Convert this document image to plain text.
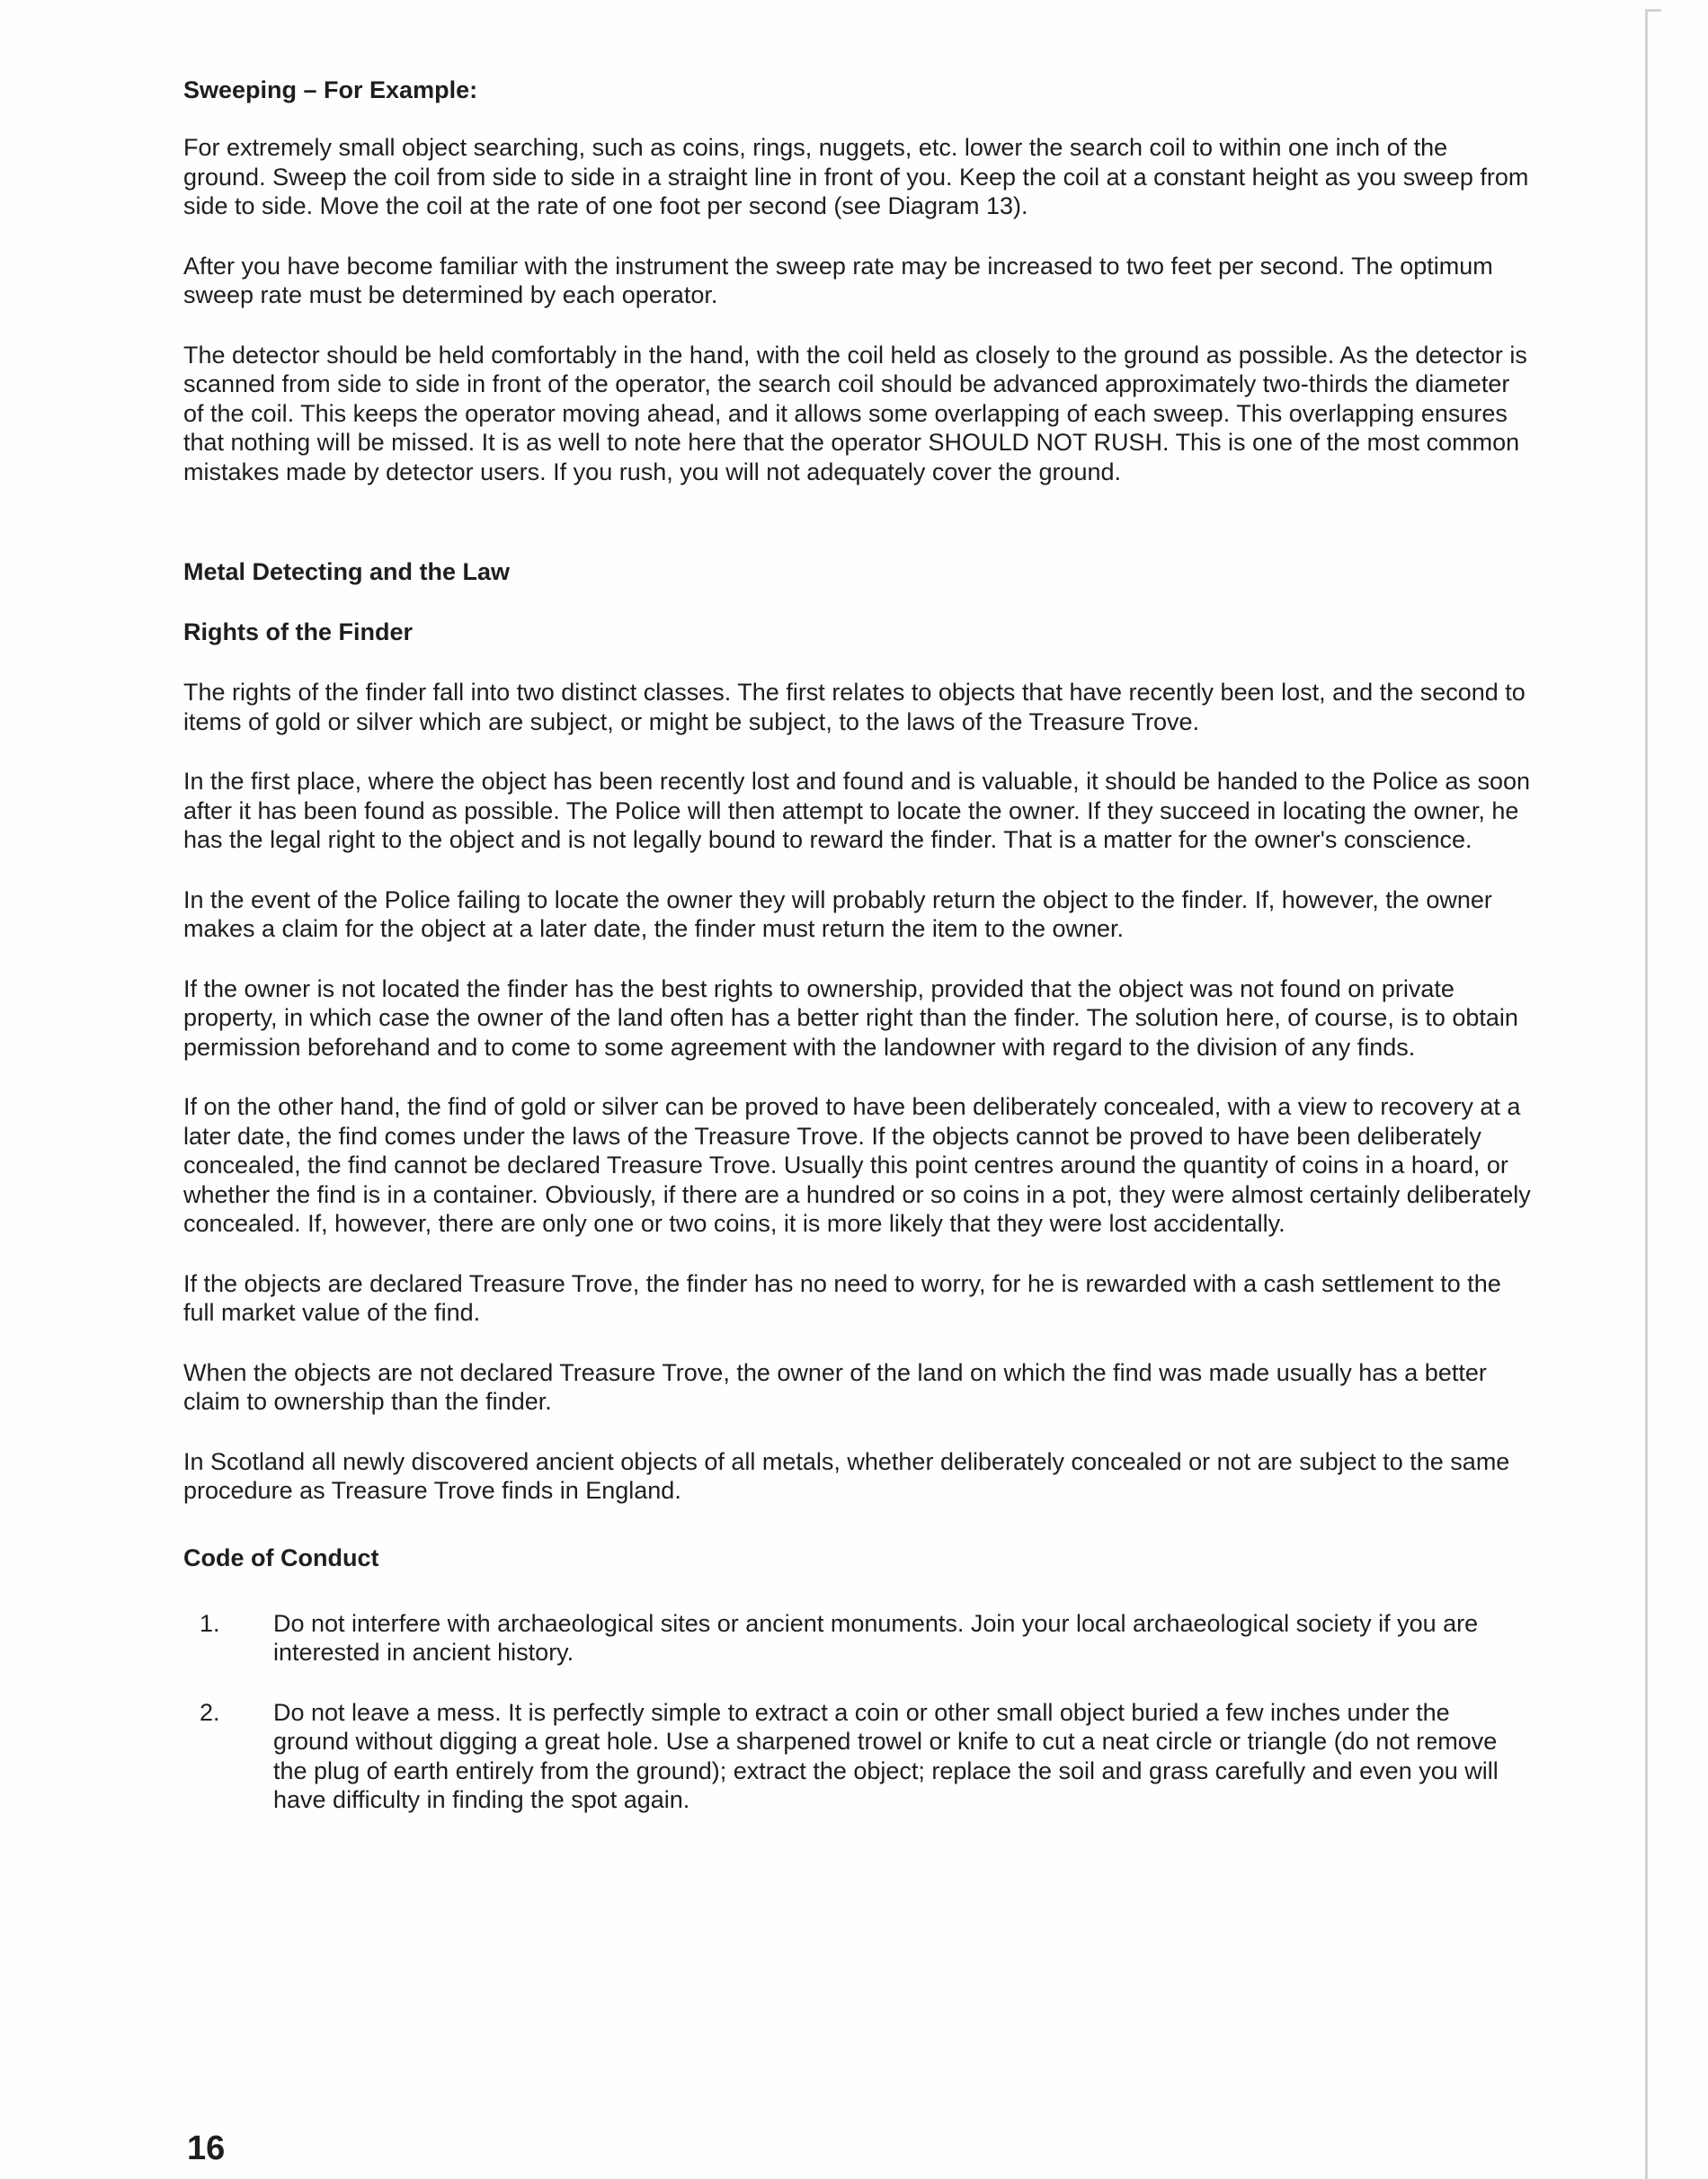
Sweeping – For Example:

For extremely small object searching, such as coins, rings, nuggets, etc. lower the search coil to within one inch of the ground. Sweep the coil from side to side in a straight line in front of you. Keep the coil at a constant height as you sweep from side to side. Move the coil at the rate of one foot per second (see Diagram 13).

After you have become familiar with the instrument the sweep rate may be increased to two feet per second. The optimum sweep rate must be determined by each operator.

The detector should be held comfortably in the hand, with the coil held as closely to the ground as possible. As the detector is scanned from side to side in front of the operator, the search coil should be advanced approximately two-thirds the diameter of the coil. This keeps the operator moving ahead, and it allows some overlapping of each sweep. This overlapping ensures that nothing will be missed. It is as well to note here that the operator SHOULD NOT RUSH. This is one of the most common mistakes made by detector users. If you rush, you will not adequately cover the ground.

Metal Detecting and the Law
Rights of the Finder

The rights of the finder fall into two distinct classes. The first relates to objects that have recently been lost, and the second to items of gold or silver which are subject, or might be subject, to the laws of the Treasure Trove.

In the first place, where the object has been recently lost and found and is valuable, it should be handed to the Police as soon after it has been found as possible. The Police will then attempt to locate the owner. If they succeed in locating the owner, he has the legal right to the object and is not legally bound to reward the finder. That is a matter for the owner's conscience.

In the event of the Police failing to locate the owner they will probably return the object to the finder. If, however, the owner makes a claim for the object at a later date, the finder must return the item to the owner.

If the owner is not located the finder has the best rights to ownership, provided that the object was not found on private property, in which case the owner of the land often has a better right than the finder. The solution here, of course, is to obtain permission beforehand and to come to some agreement with the landowner with regard to the division of any finds.

If on the other hand, the find of gold or silver can be proved to have been deliberately concealed, with a view to recovery at a later date, the find comes under the laws of the Treasure Trove. If the objects cannot be proved to have been deliberately concealed, the find cannot be declared Treasure Trove. Usually this point centres around the quantity of coins in a hoard, or whether the find is in a container. Obviously, if there are a hundred or so coins in a pot, they were almost certainly deliberately concealed. If, however, there are only one or two coins, it is more likely that they were lost accidentally.

If the objects are declared Treasure Trove, the finder has no need to worry, for he is rewarded with a cash settlement to the full market value of the find.

When the objects are not declared Treasure Trove, the owner of the land on which the find was made usually has a better claim to ownership than the finder.

In Scotland all newly discovered ancient objects of all metals, whether deliberately concealed or not are subject to the same procedure as Treasure Trove finds in England.

Code of Conduct
1. Do not interfere with archaeological sites or ancient monuments. Join your local archaeological society if you are interested in ancient history.

2. Do not leave a mess. It is perfectly simple to extract a coin or other small object buried a few inches under the ground without digging a great hole. Use a sharpened trowel or knife to cut a neat circle or triangle (do not remove the plug of earth entirely from the ground); extract the object; replace the soil and grass carefully and even you will have difficulty in finding the spot again.

16
